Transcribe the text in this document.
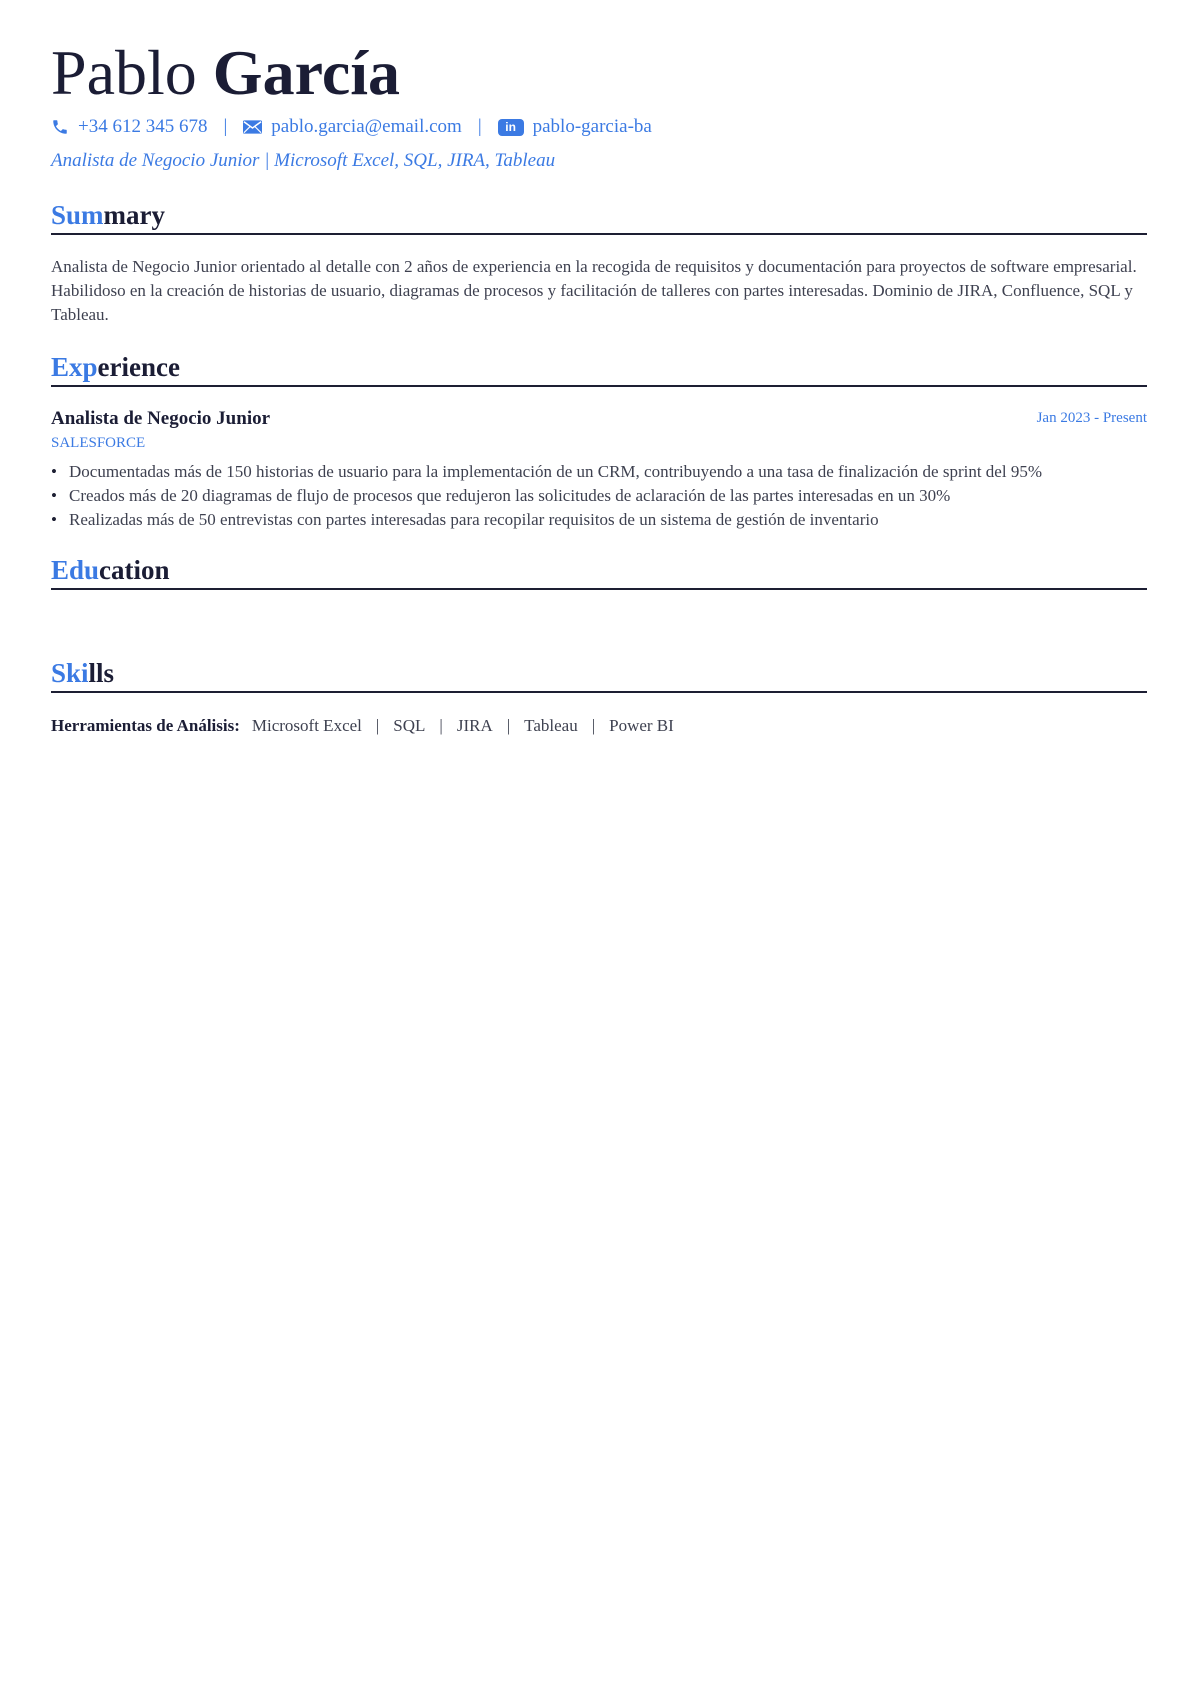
Pablo García
+34 612 345 678 | pablo.garcia@email.com | in pablo-garcia-ba
Analista de Negocio Junior | Microsoft Excel, SQL, JIRA, Tableau
Summary
Analista de Negocio Junior orientado al detalle con 2 años de experiencia en la recogida de requisitos y documentación para proyectos de software empresarial. Habilidoso en la creación de historias de usuario, diagramas de procesos y facilitación de talleres con partes interesadas. Dominio de JIRA, Confluence, SQL y Tableau.
Experience
Analista de Negocio Junior	Jan 2023 - Present
SALESFORCE
• Documentadas más de 150 historias de usuario para la implementación de un CRM, contribuyendo a una tasa de finalización de sprint del 95%
• Creados más de 20 diagramas de flujo de procesos que redujeron las solicitudes de aclaración de las partes interesadas en un 30%
• Realizadas más de 50 entrevistas con partes interesadas para recopilar requisitos de un sistema de gestión de inventario
Education
Skills
Herramientas de Análisis: Microsoft Excel | SQL | JIRA | Tableau | Power BI
